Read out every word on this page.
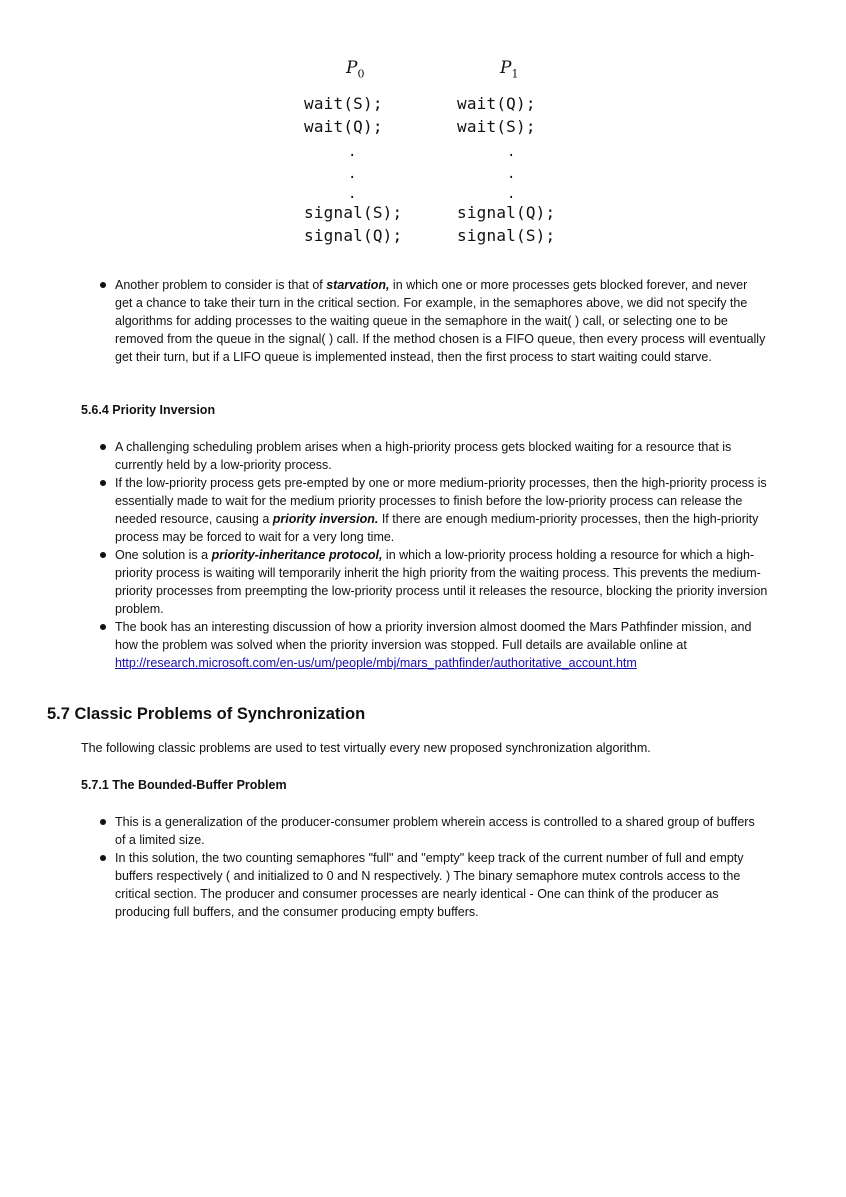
$P_0$
wait(S);
wait(Q);
.
.
.
signal(S);
signal(Q);
$P_1$
wait(Q);
wait(S);
.
.
.
signal(Q);
signal(S);
Another problem to consider is that of starvation, in which one or more processes gets blocked forever, and never get a chance to take their turn in the critical section. For example, in the semaphores above, we did not specify the algorithms for adding processes to the waiting queue in the semaphore in the wait( ) call, or selecting one to be removed from the queue in the signal( ) call. If the method chosen is a FIFO queue, then every process will eventually get their turn, but if a LIFO queue is implemented instead, then the first process to start waiting could starve.
5.6.4 Priority Inversion
A challenging scheduling problem arises when a high-priority process gets blocked waiting for a resource that is currently held by a low-priority process.
If the low-priority process gets pre-empted by one or more medium-priority processes, then the high-priority process is essentially made to wait for the medium priority processes to finish before the low-priority process can release the needed resource, causing a priority inversion. If there are enough medium-priority processes, then the high-priority process may be forced to wait for a very long time.
One solution is a priority-inheritance protocol, in which a low-priority process holding a resource for which a high-priority process is waiting will temporarily inherit the high priority from the waiting process. This prevents the medium-priority processes from preempting the low-priority process until it releases the resource, blocking the priority inversion problem.
The book has an interesting discussion of how a priority inversion almost doomed the Mars Pathfinder mission, and how the problem was solved when the priority inversion was stopped. Full details are available online at http://research.microsoft.com/en-us/um/people/mbj/mars_pathfinder/authoritative_account.htm
5.7 Classic Problems of Synchronization
The following classic problems are used to test virtually every new proposed synchronization algorithm.
5.7.1 The Bounded-Buffer Problem
This is a generalization of the producer-consumer problem wherein access is controlled to a shared group of buffers of a limited size.
In this solution, the two counting semaphores "full" and "empty" keep track of the current number of full and empty buffers respectively ( and initialized to 0 and N respectively. ) The binary semaphore mutex controls access to the critical section. The producer and consumer processes are nearly identical - One can think of the producer as producing full buffers, and the consumer producing empty buffers.
